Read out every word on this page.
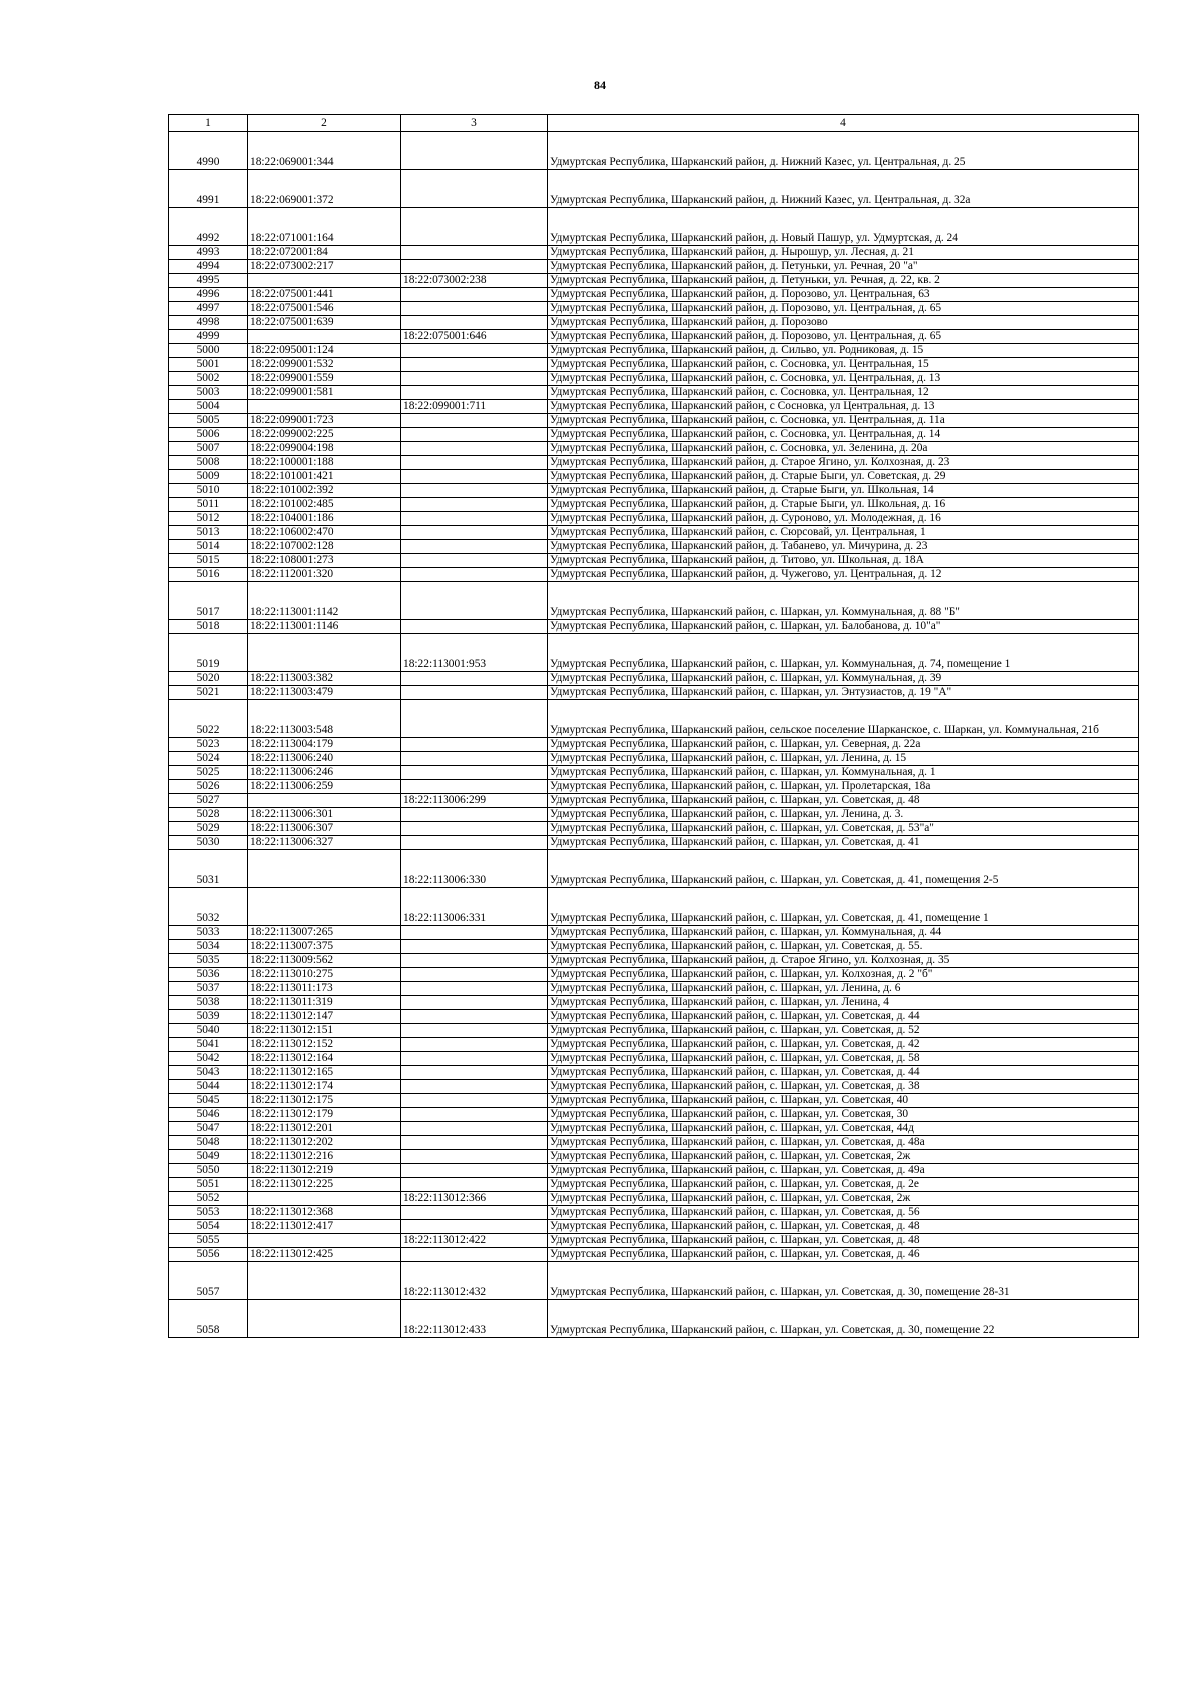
84
1	2	3	4
4990	18:22:069001:344		Удмуртская Республика, Шарканский район, д. Нижний Казес, ул. Центральная, д. 25
4991	18:22:069001:372		Удмуртская Республика, Шарканский район, д. Нижний Казес, ул. Центральная, д. 32а
4992	18:22:071001:164		Удмуртская Республика, Шарканский район, д. Новый Пашур, ул. Удмуртская, д. 24
4993	18:22:072001:84		Удмуртская Республика, Шарканский район, д. Нырошур, ул. Лесная, д. 21
4994	18:22:073002:217		Удмуртская Республика, Шарканский район, д. Петуньки, ул. Речная, 20 "а"
4995		18:22:073002:238	Удмуртская Республика, Шарканский район, д. Петуньки, ул. Речная, д. 22, кв. 2
4996	18:22:075001:441		Удмуртская Республика, Шарканский район, д. Порозово, ул. Центральная, 63
4997	18:22:075001:546		Удмуртская Республика, Шарканский район, д. Порозово, ул. Центральная, д. 65
4998	18:22:075001:639		Удмуртская Республика, Шарканский район, д. Порозово
4999		18:22:075001:646	Удмуртская Республика, Шарканский район, д. Порозово, ул. Центральная, д. 65
5000	18:22:095001:124		Удмуртская Республика, Шарканский район, д. Сильво, ул. Родниковая, д. 15
5001	18:22:099001:532		Удмуртская Республика, Шарканский район, с. Сосновка, ул. Центральная, 15
5002	18:22:099001:559		Удмуртская Республика, Шарканский район, с. Сосновка, ул. Центральная, д. 13
5003	18:22:099001:581		Удмуртская Республика, Шарканский район, с. Сосновка, ул. Центральная, 12
5004		18:22:099001:711	Удмуртская Республика, Шарканский район, с Сосновка, ул Центральная, д. 13
5005	18:22:099001:723		Удмуртская Республика, Шарканский район, с. Сосновка, ул. Центральная, д. 11а
5006	18:22:099002:225		Удмуртская Республика, Шарканский район, с. Сосновка, ул. Центральная, д. 14
5007	18:22:099004:198		Удмуртская Республика, Шарканский район, с. Сосновка, ул. Зеленина, д. 20а
5008	18:22:100001:188		Удмуртская Республика, Шарканский район, д. Старое Ягино, ул. Колхозная, д. 23
5009	18:22:101001:421		Удмуртская Республика, Шарканский район, д. Старые Быги, ул. Советская, д. 29
5010	18:22:101002:392		Удмуртская Республика, Шарканский район, д. Старые Быги, ул. Школьная, 14
5011	18:22:101002:485		Удмуртская Республика, Шарканский район, д. Старые Быги, ул. Школьная, д. 16
5012	18:22:104001:186		Удмуртская Республика, Шарканский район, д. Суроново, ул. Молодежная, д. 16
5013	18:22:106002:470		Удмуртская Республика, Шарканский район, с. Сюрсовай, ул. Центральная, 1
5014	18:22:107002:128		Удмуртская Республика, Шарканский район, д. Табанево, ул. Мичурина, д. 23
5015	18:22:108001:273		Удмуртская Республика, Шарканский район, д. Титово, ул. Школьная, д. 18А
5016	18:22:112001:320		Удмуртская Республика, Шарканский район, д. Чужегово, ул. Центральная, д. 12
5017	18:22:113001:1142		Удмуртская Республика, Шарканский район, с. Шаркан, ул. Коммунальная, д. 88 "Б"
5018	18:22:113001:1146		Удмуртская Республика, Шарканский район, с. Шаркан, ул. Балобанова, д. 10"а"
5019		18:22:113001:953	Удмуртская Республика, Шарканский район, с. Шаркан, ул. Коммунальная, д. 74, помещение 1
5020	18:22:113003:382		Удмуртская Республика, Шарканский район, с. Шаркан, ул. Коммунальная, д. 39
5021	18:22:113003:479		Удмуртская Республика, Шарканский район, с. Шаркан, ул. Энтузиастов, д. 19 "А"
5022	18:22:113003:548		Удмуртская Республика, Шарканский район, сельское поселение Шарканское, с. Шаркан, ул. Коммунальная, 21б
5023	18:22:113004:179		Удмуртская Республика, Шарканский район, с. Шаркан, ул. Северная, д. 22а
5024	18:22:113006:240		Удмуртская Республика, Шарканский район, с. Шаркан, ул. Ленина, д. 15
5025	18:22:113006:246		Удмуртская Республика, Шарканский район, с. Шаркан, ул. Коммунальная, д. 1
5026	18:22:113006:259		Удмуртская Республика, Шарканский район, с. Шаркан, ул. Пролетарская, 18а
5027		18:22:113006:299	Удмуртская Республика, Шарканский район, с. Шаркан, ул. Советская, д. 48
5028	18:22:113006:301		Удмуртская Республика, Шарканский район, с. Шаркан, ул. Ленина, д. 3.
5029	18:22:113006:307		Удмуртская Республика, Шарканский район, с. Шаркан, ул. Советская, д. 53"а"
5030	18:22:113006:327		Удмуртская Республика, Шарканский район, с. Шаркан, ул. Советская, д. 41
5031		18:22:113006:330	Удмуртская Республика, Шарканский район, с. Шаркан, ул. Советская, д. 41, помещения 2-5
5032		18:22:113006:331	Удмуртская Республика, Шарканский район, с. Шаркан, ул. Советская, д. 41, помещение 1
5033	18:22:113007:265		Удмуртская Республика, Шарканский район, с. Шаркан, ул. Коммунальная, д. 44
5034	18:22:113007:375		Удмуртская Республика, Шарканский район, с. Шаркан, ул. Советская, д. 55.
5035	18:22:113009:562		Удмуртская Республика, Шарканский район, д. Старое Ягино, ул. Колхозная, д. 35
5036	18:22:113010:275		Удмуртская Республика, Шарканский район, с. Шаркан, ул. Колхозная, д. 2 "б"
5037	18:22:113011:173		Удмуртская Республика, Шарканский район, с. Шаркан, ул. Ленина, д. 6
5038	18:22:113011:319		Удмуртская Республика, Шарканский район, с. Шаркан, ул. Ленина, 4
5039	18:22:113012:147		Удмуртская Республика, Шарканский район, с. Шаркан, ул. Советская, д. 44
5040	18:22:113012:151		Удмуртская Республика, Шарканский район, с. Шаркан, ул. Советская, д. 52
5041	18:22:113012:152		Удмуртская Республика, Шарканский район, с. Шаркан, ул. Советская, д. 42
5042	18:22:113012:164		Удмуртская Республика, Шарканский район, с. Шаркан, ул. Советская, д. 58
5043	18:22:113012:165		Удмуртская Республика, Шарканский район, с. Шаркан, ул. Советская, д. 44
5044	18:22:113012:174		Удмуртская Республика, Шарканский район, с. Шаркан, ул. Советская, д. 38
5045	18:22:113012:175		Удмуртская Республика, Шарканский район, с. Шаркан, ул. Советская, 40
5046	18:22:113012:179		Удмуртская Республика, Шарканский район, с. Шаркан, ул. Советская, 30
5047	18:22:113012:201		Удмуртская Республика, Шарканский район, с. Шаркан, ул. Советская, 44д
5048	18:22:113012:202		Удмуртская Республика, Шарканский район, с. Шаркан, ул. Советская, д. 48а
5049	18:22:113012:216		Удмуртская Республика, Шарканский район, с. Шаркан, ул. Советская, 2ж
5050	18:22:113012:219		Удмуртская Республика, Шарканский район, с. Шаркан, ул. Советская, д. 49а
5051	18:22:113012:225		Удмуртская Республика, Шарканский район, с. Шаркан, ул. Советская, д. 2е
5052		18:22:113012:366	Удмуртская Республика, Шарканский район, с. Шаркан, ул. Советская, 2ж
5053	18:22:113012:368		Удмуртская Республика, Шарканский район, с. Шаркан, ул. Советская, д. 56
5054	18:22:113012:417		Удмуртская Республика, Шарканский район, с. Шаркан, ул. Советская, д. 48
5055		18:22:113012:422	Удмуртская Республика, Шарканский район, с. Шаркан, ул. Советская, д. 48
5056	18:22:113012:425		Удмуртская Республика, Шарканский район, с. Шаркан, ул. Советская, д. 46
5057		18:22:113012:432	Удмуртская Республика, Шарканский район, с. Шаркан, ул. Советская, д. 30, помещение 28-31
5058		18:22:113012:433	Удмуртская Республика, Шарканский район, с. Шаркан, ул. Советская, д. 30, помещение 22
